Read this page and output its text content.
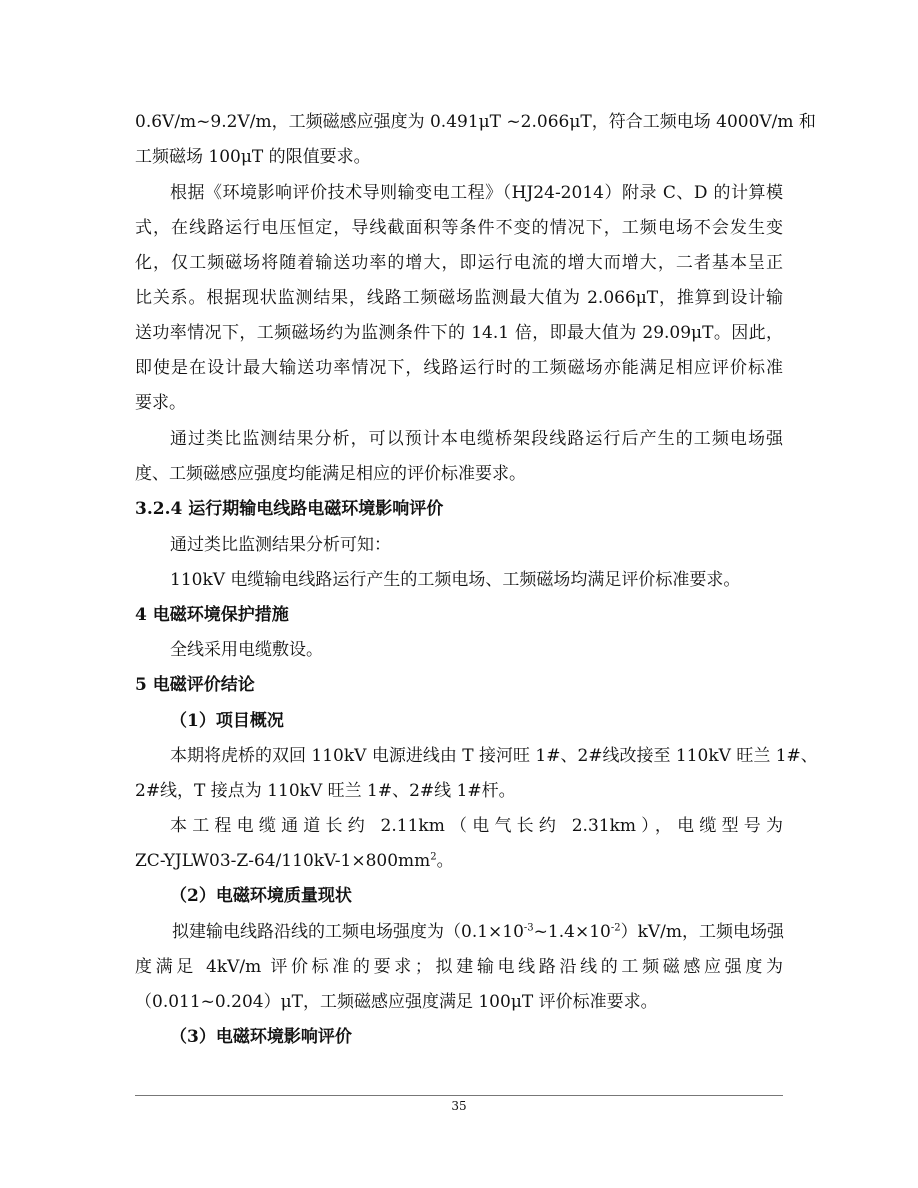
0.6V/m~9.2V/m，工频磁感应强度为 0.491μT ~2.066μT，符合工频电场 4000V/m 和
工频磁场 100μT 的限值要求。
根据《环境影响评价技术导则输变电工程》（HJ24-2014）附录 C、D 的计算模
式，在线路运行电压恒定，导线截面积等条件不变的情况下，工频电场不会发生变
化，仅工频磁场将随着输送功率的增大，即运行电流的增大而增大，二者基本呈正
比关系。根据现状监测结果，线路工频磁场监测最大值为 2.066μT，推算到设计输
送功率情况下，工频磁场约为监测条件下的 14.1 倍，即最大值为 29.09μT。因此，
即使是在设计最大输送功率情况下，线路运行时的工频磁场亦能满足相应评价标准
要求。
通过类比监测结果分析，可以预计本电缆桥架段线路运行后产生的工频电场强
度、工频磁感应强度均能满足相应的评价标准要求。
3.2.4 运行期输电线路电磁环境影响评价
通过类比监测结果分析可知：
110kV 电缆输电线路运行产生的工频电场、工频磁场均满足评价标准要求。
4 电磁环境保护措施
全线采用电缆敷设。
5 电磁评价结论
（1）项目概况
本期将虎桥的双回 110kV 电源进线由 T 接河旺 1#、2#线改接至 110kV 旺兰 1#、
2#线，T 接点为 110kV 旺兰 1#、2#线 1#杆。
本工程电缆通道长约 2.11km（电气长约 2.31km），电缆型号为
$ZC-YJLW03-Z-64/110kV-1\times 800mm^2$。
（2）电磁环境质量现状
拟建输电线路沿线的工频电场强度为$(0.1\times 10^{-3}\sim 1.4\times 10^{-2})kV/m$，工频电场强
度满足 4kV/m 评价标准的要求；拟建输电线路沿线的工频磁感应强度为
（0.011~0.204）μT，工频磁感应强度满足 100μT 评价标准要求。
（3）电磁环境影响评价
35
